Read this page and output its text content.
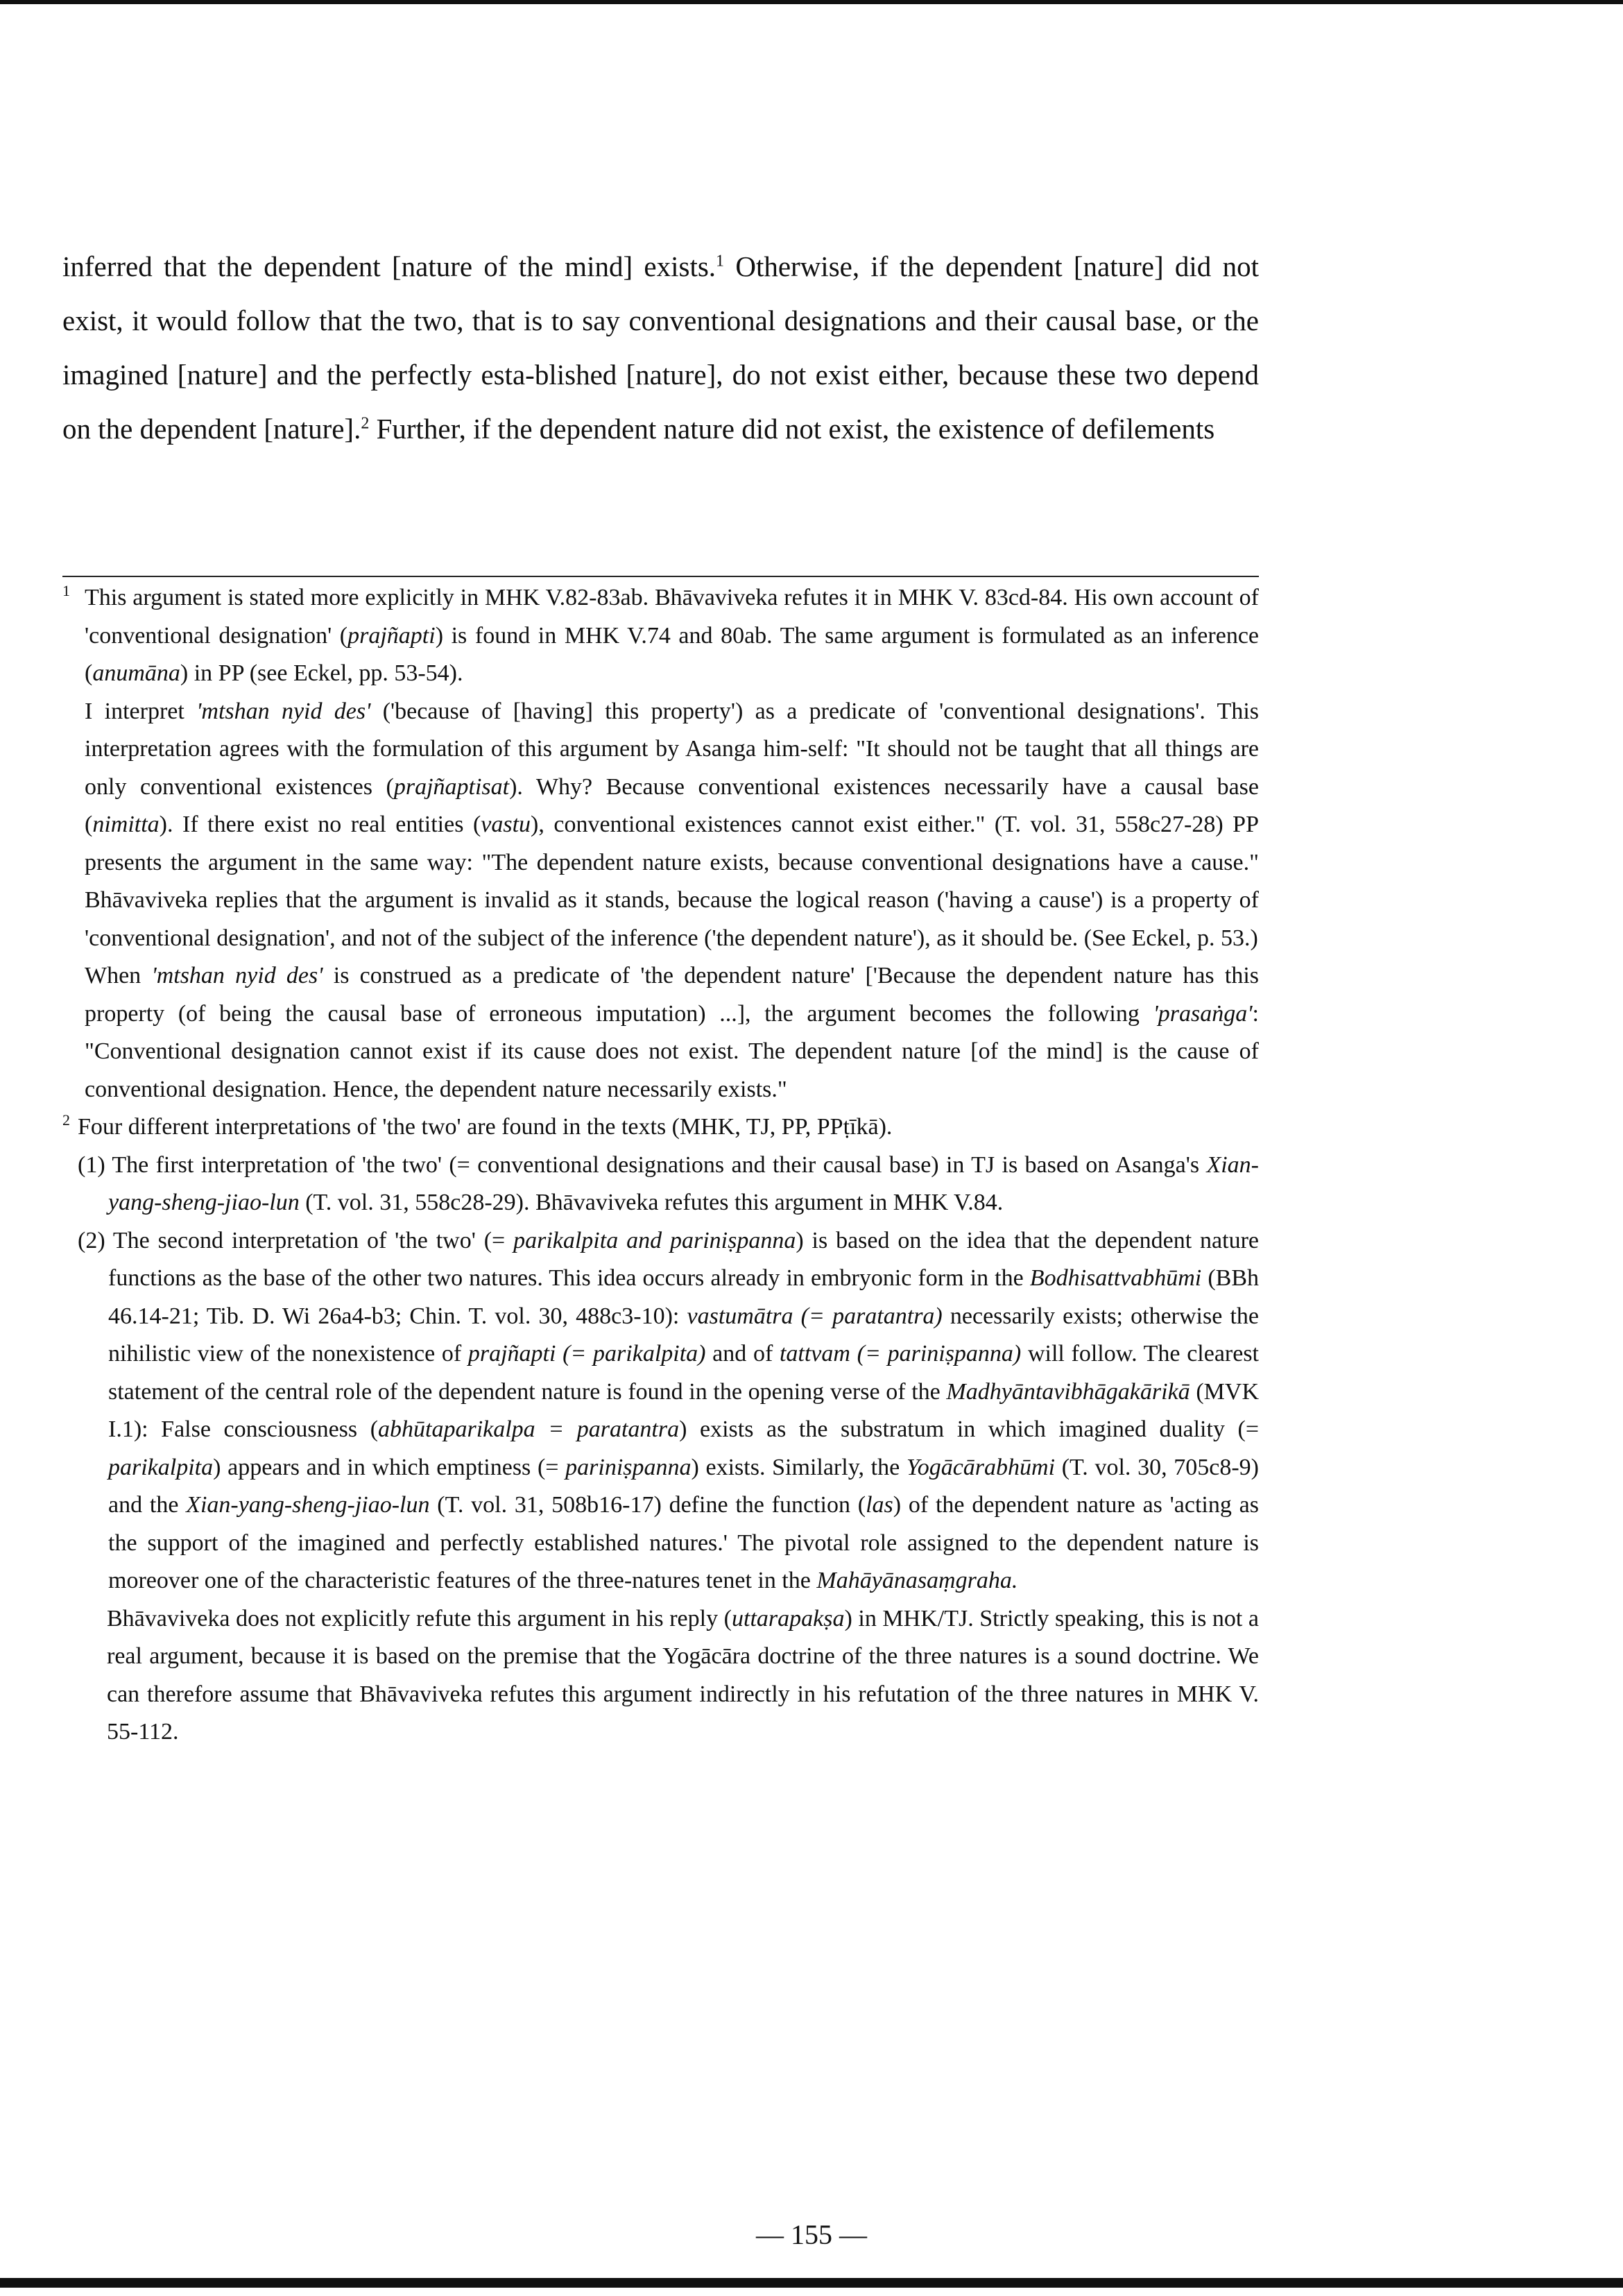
inferred that the dependent [nature of the mind] exists.$^1$ Otherwise, if the dependent [nature] did not exist, it would follow that the two, that is to say conventional designations and their causal base, or the imagined [nature] and the perfectly esta-blished [nature], do not exist either, because these two depend on the dependent [nature].$^2$ Further, if the dependent nature did not exist, the existence of defilements

1 This argument is stated more explicitly in MHK V.82-83ab. Bhāvaviveka refutes it in MHK V. 83cd-84. His own account of 'conventional designation' (prajñapti) is found in MHK V.74 and 80ab. The same argument is formulated as an inference (anumāna) in PP (see Eckel, pp. 53-54).

I interpret 'mtshan nyid des' ('because of [having] this property') as a predicate of 'conventional designations'. This interpretation agrees with the formulation of this argument by Asanga him-self: "It should not be taught that all things are only conventional existences (prajñaptisat). Why? Because conventional existences necessarily have a causal base (nimitta). If there exist no real entities (vastu), conventional existences cannot exist either." (T. vol. 31, 558c27-28) PP presents the argument in the same way: "The dependent nature exists, because conventional designations have a cause." Bhāvaviveka replies that the argument is invalid as it stands, because the logical reason ('having a cause') is a property of 'conventional designation', and not of the subject of the inference ('the dependent nature'), as it should be. (See Eckel, p. 53.)

When 'mtshan nyid des' is construed as a predicate of 'the dependent nature' ['Because the dependent nature has this property (of being the causal base of erroneous imputation) ...], the argument becomes the following 'prasaṅga': "Conventional designation cannot exist if its cause does not exist. The dependent nature [of the mind] is the cause of conventional designation. Hence, the dependent nature necessarily exists."

2 Four different interpretations of 'the two' are found in the texts (MHK, TJ, PP, PPṭīkā).

(1) The first interpretation of 'the two' (= conventional designations and their causal base) in TJ is based on Asanga's Xian-yang-sheng-jiao-lun (T. vol. 31, 558c28-29). Bhāvaviveka refutes this argument in MHK V.84.

(2) The second interpretation of 'the two' (= parikalpita and pariniṣpanna) is based on the idea that the dependent nature functions as the base of the other two natures. This idea occurs already in embryonic form in the Bodhisattvabhūmi (BBh 46.14-21; Tib. D. Wi 26a4-b3; Chin. T. vol. 30, 488c3-10): vastumātra (= paratantra) necessarily exists; otherwise the nihilistic view of the nonexistence of prajñapti (= parikalpita) and of tattvam (= pariniṣpanna) will follow. The clearest statement of the central role of the dependent nature is found in the opening verse of the Madhyāntavibhāgakārikā (MVK I.1): False consciousness (abhūtaparikalpa = paratantra) exists as the substratum in which imagined duality (= parikalpita) appears and in which emptiness (= pariniṣpanna) exists. Similarly, the Yogācārabhūmi (T. vol. 30, 705c8-9) and the Xian-yang-sheng-jiao-lun (T. vol. 31, 508b16-17) define the function (las) of the dependent nature as 'acting as the support of the imagined and perfectly established natures.' The pivotal role assigned to the dependent nature is moreover one of the characteristic features of the three-natures tenet in the Mahāyānasaṃgraha.

Bhāvaviveka does not explicitly refute this argument in his reply (uttarapakṣa) in MHK/TJ. Strictly speaking, this is not a real argument, because it is based on the premise that the Yogācāra doctrine of the three natures is a sound doctrine. We can therefore assume that Bhāvaviveka refutes this argument indirectly in his refutation of the three natures in MHK V. 55-112.

— 155 —
